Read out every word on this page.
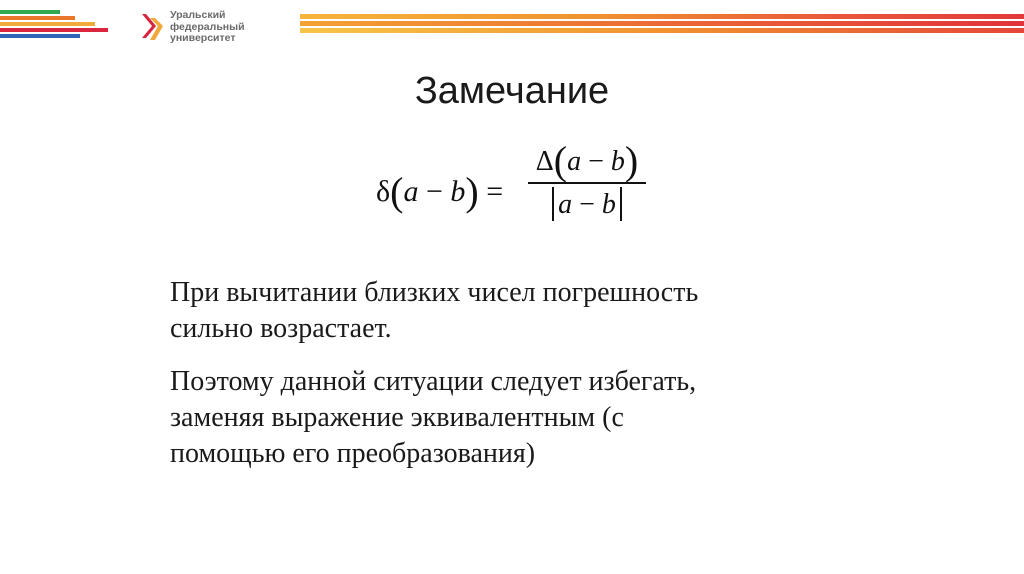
Уральский
федеральный
университет
Замечание
δ(a − b) =
Δ(a − b)
a − b
При вычитании близких чисел погрешность
сильно возрастает.
Поэтому данной ситуации следует избегать,
заменяя выражение эквивалентным (с
помощью его преобразования)
